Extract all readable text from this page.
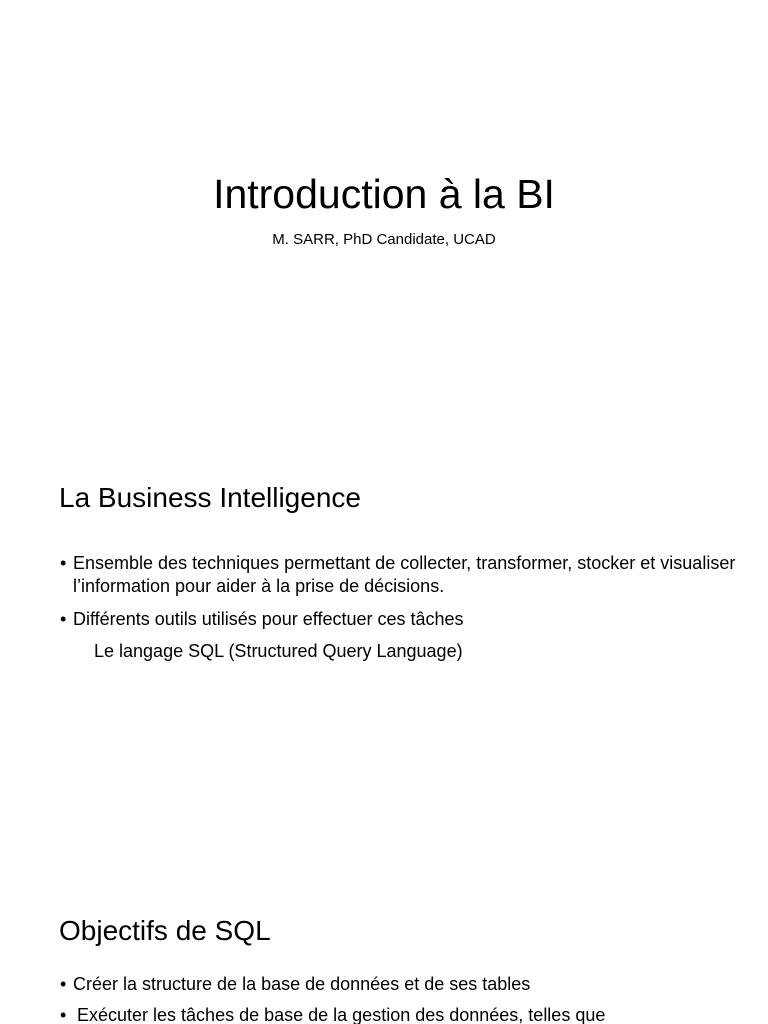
Introduction à la BI
M. SARR, PhD Candidate, UCAD
La Business Intelligence
• Ensemble des techniques permettant de collecter, transformer, stocker et visualiser l’information pour aider à la prise de décisions.
• Différents outils utilisés pour effectuer ces tâches
Le langage SQL (Structured Query Language)
Objectifs de SQL
• Créer la structure de la base de données et de ses tables
• Exécuter les tâches de base de la gestion des données, telles que
